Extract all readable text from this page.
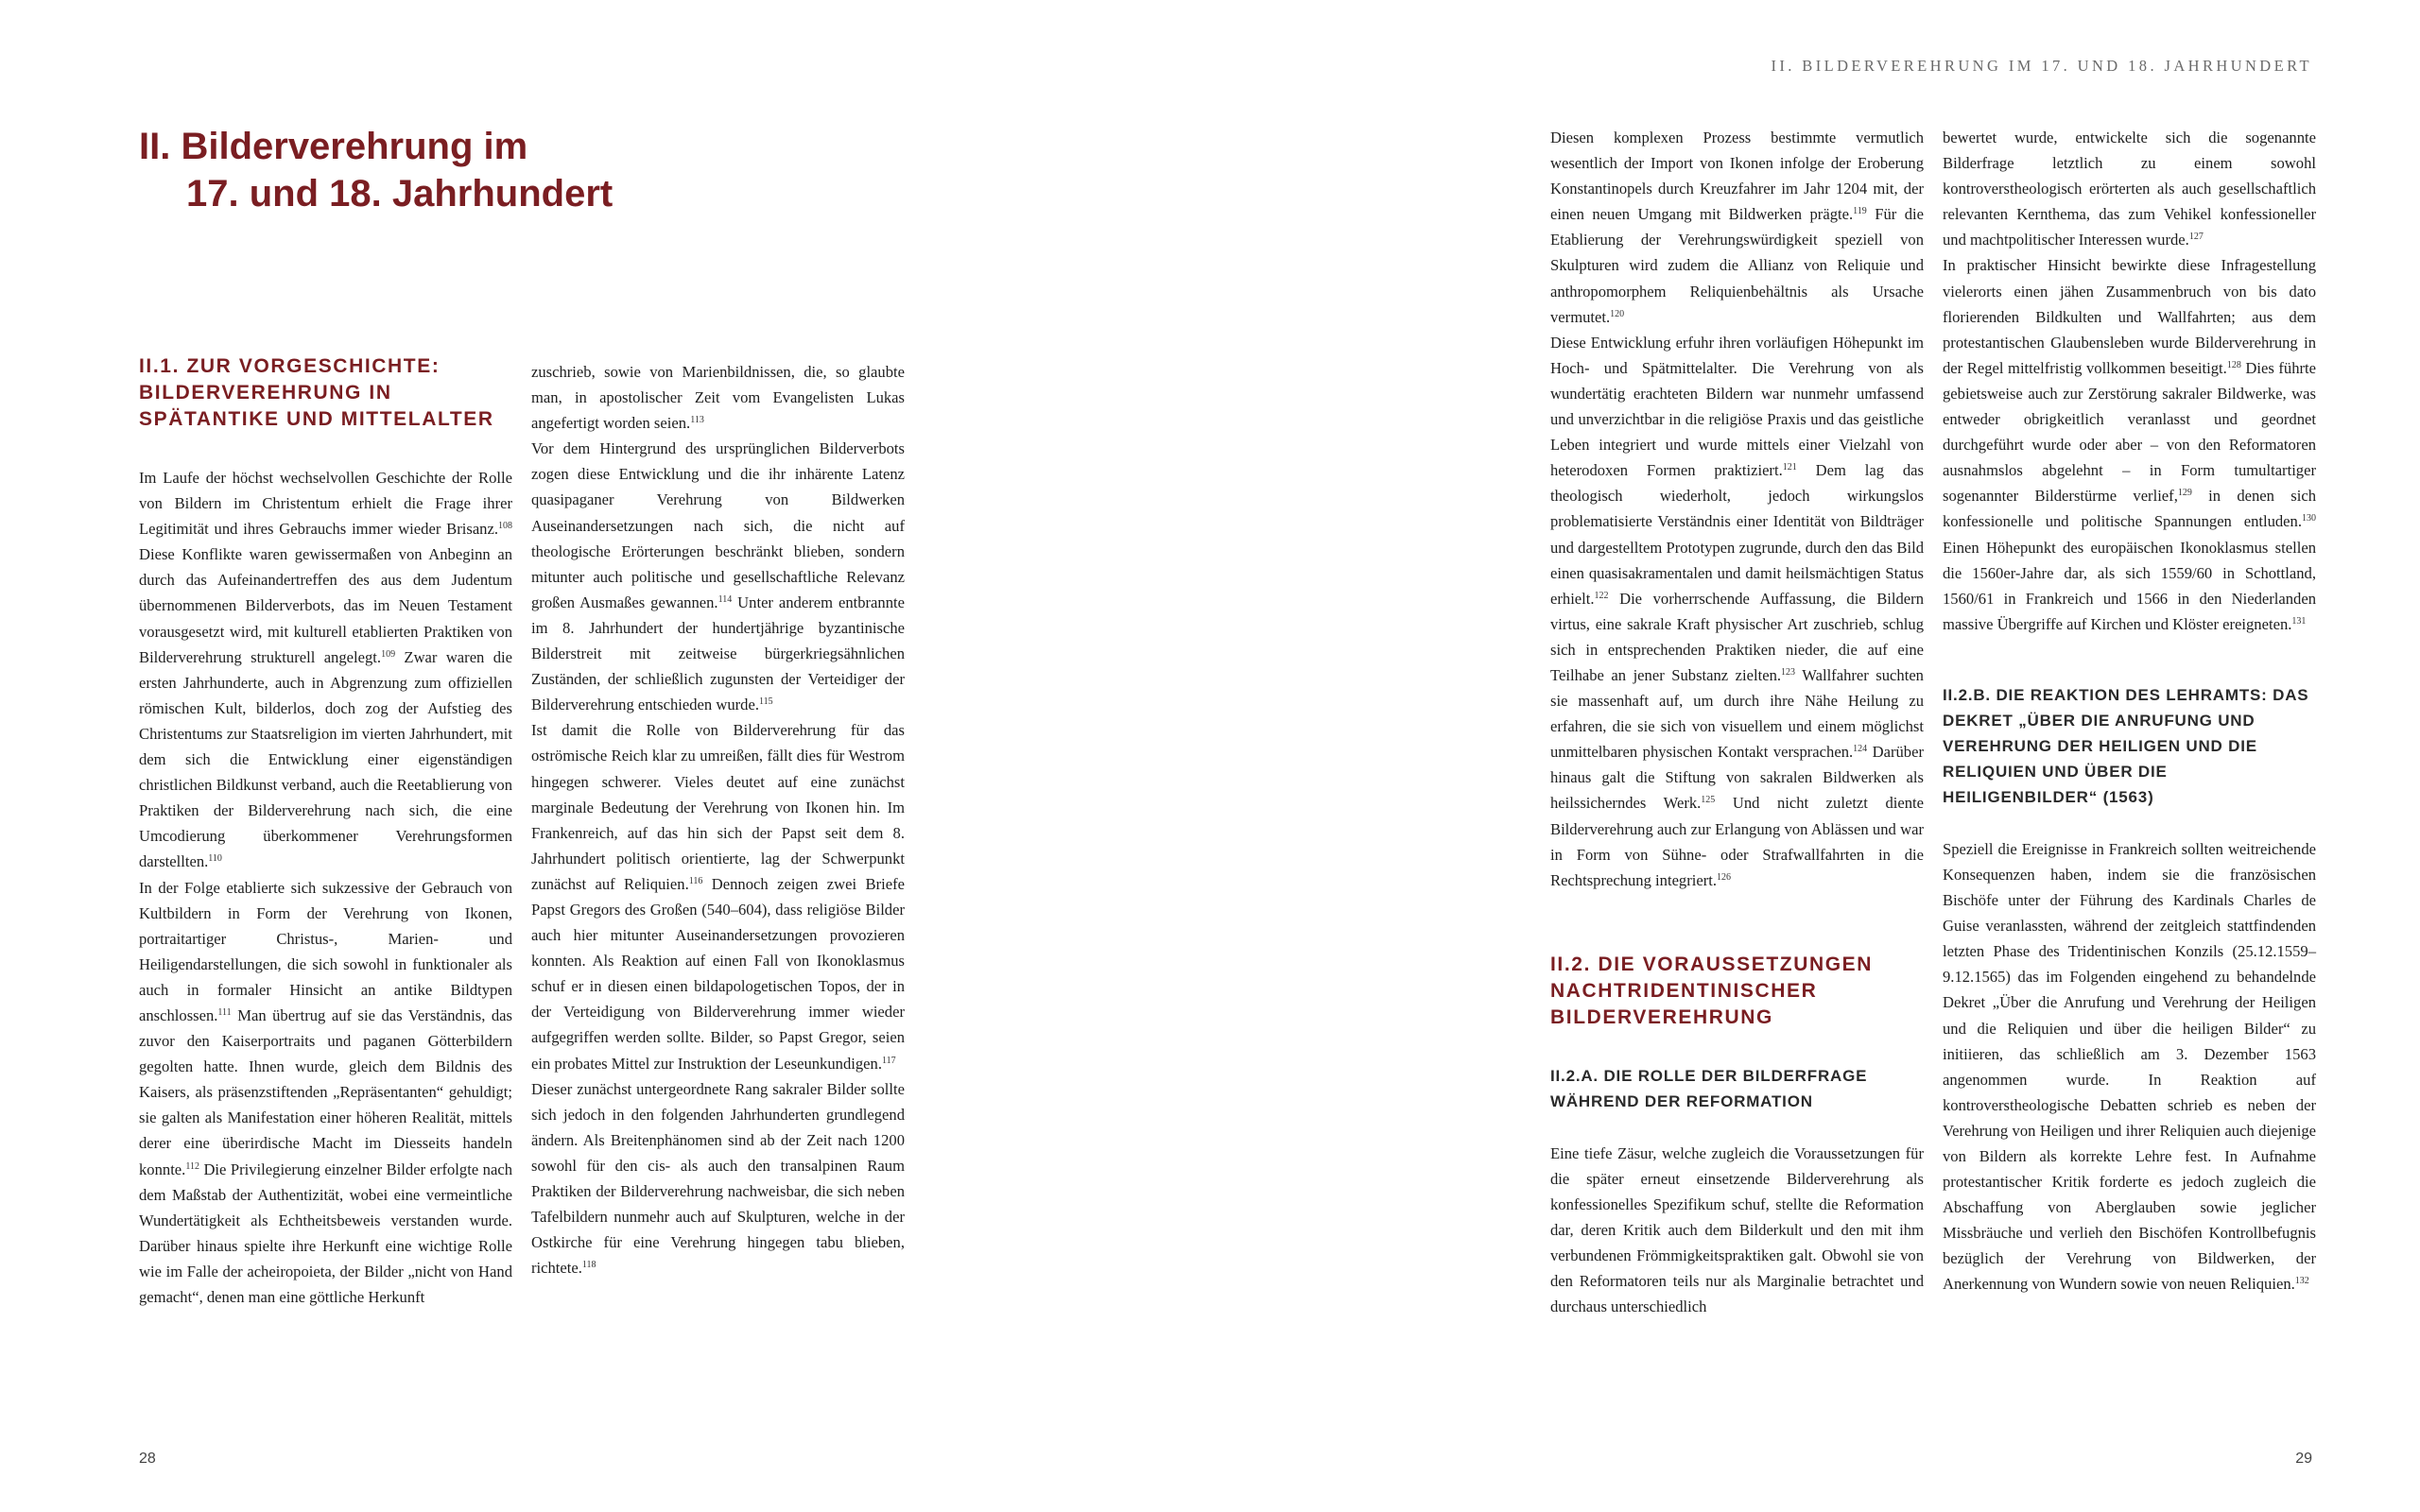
II. Bilderverehrung im
17. und 18. Jahrhundert
II.1. ZUR VORGESCHICHTE: BILDERVEREHRUNG IN SPÄTANTIKE UND MITTELALTER

Im Laufe der höchst wechselvollen Geschichte der Rolle von Bildern im Christentum erhielt die Frage ihrer Legitimität und ihres Gebrauchs immer wieder Brisanz.$^{108}$ Diese Konflikte waren gewissermaßen von Anbeginn an durch das Aufeinandertreffen des aus dem Judentum übernommenen Bilderverbots, das im Neuen Testament vorausgesetzt wird, mit kulturell etablierten Praktiken von Bilderverehrung strukturell angelegt.$^{109}$ Zwar waren die ersten Jahrhunderte, auch in Abgrenzung zum offiziellen römischen Kult, bilderlos, doch zog der Aufstieg des Christentums zur Staatsreligion im vierten Jahrhundert, mit dem sich die Entwicklung einer eigenständigen christlichen Bildkunst verband, auch die Reetablierung von Praktiken der Bilderverehrung nach sich, die eine Umcodierung überkommener Verehrungsformen darstellten.$^{110}$

In der Folge etablierte sich sukzessive der Gebrauch von Kultbildern in Form der Verehrung von Ikonen, portraitartiger Christus-, Marien- und Heiligendarstellungen, die sich sowohl in funktionaler als auch in formaler Hinsicht an antike Bildtypen anschlossen.$^{111}$ Man übertrug auf sie das Verständnis, das zuvor den Kaiserportraits und paganen Götterbildern gegolten hatte. Ihnen wurde, gleich dem Bildnis des Kaisers, als präsenzstiftenden „Repräsentanten“ gehuldigt; sie galten als Manifestation einer höheren Realität, mittels derer eine überirdische Macht im Diesseits handeln konnte.$^{112}$ Die Privilegierung einzelner Bilder erfolgte nach dem Maßstab der Authentizität, wobei eine vermeintliche Wundertätigkeit als Echtheitsbeweis verstanden wurde. Darüber hinaus spielte ihre Herkunft eine wichtige Rolle wie im Falle der acheiropoieta, der Bilder „nicht von Hand gemacht“, denen man eine göttliche Herkunft

zuschrieb, sowie von Marienbildnissen, die, so glaubte man, in apostolischer Zeit vom Evangelisten Lukas angefertigt worden seien.$^{113}$

Vor dem Hintergrund des ursprünglichen Bilderverbots zogen diese Entwicklung und die ihr inhärente Latenz quasipaganer Verehrung von Bildwerken Auseinandersetzungen nach sich, die nicht auf theologische Erörterungen beschränkt blieben, sondern mitunter auch politische und gesellschaftliche Relevanz großen Ausmaßes gewannen.$^{114}$ Unter anderem entbrannte im 8. Jahrhundert der hundertjährige byzantinische Bilderstreit mit zeitweise bürgerkriegsähnlichen Zuständen, der schließlich zugunsten der Verteidiger der Bilderverehrung entschieden wurde.$^{115}$

Ist damit die Rolle von Bilderverehrung für das oströmische Reich klar zu umreißen, fällt dies für Westrom hingegen schwerer. Vieles deutet auf eine zunächst marginale Bedeutung der Verehrung von Ikonen hin. Im Frankenreich, auf das hin sich der Papst seit dem 8. Jahrhundert politisch orientierte, lag der Schwerpunkt zunächst auf Reliquien.$^{116}$ Dennoch zeigen zwei Briefe Papst Gregors des Großen (540–604), dass religiöse Bilder auch hier mitunter Auseinandersetzungen provozieren konnten. Als Reaktion auf einen Fall von Ikonoklasmus schuf er in diesen einen bildapologetischen Topos, der in der Verteidigung von Bilderverehrung immer wieder aufgegriffen werden sollte. Bilder, so Papst Gregor, seien ein probates Mittel zur Instruktion der Leseunkundigen.$^{117}$

Dieser zunächst untergeordnete Rang sakraler Bilder sollte sich jedoch in den folgenden Jahrhunderten grundlegend ändern. Als Breitenphänomen sind ab der Zeit nach 1200 sowohl für den cis- als auch den transalpinen Raum Praktiken der Bilderverehrung nachweisbar, die sich neben Tafelbildern nunmehr auch auf Skulpturen, welche in der Ostkirche für eine Verehrung hingegen tabu blieben, richtete.$^{118}$

28
II. BILDERVEREHRUNG IM 17. UND 18. JAHRHUNDERT

Diesen komplexen Prozess bestimmte vermutlich wesentlich der Import von Ikonen infolge der Eroberung Konstantinopels durch Kreuzfahrer im Jahr 1204 mit, der einen neuen Umgang mit Bildwerken prägte.$^{119}$ Für die Etablierung der Verehrungswürdigkeit speziell von Skulpturen wird zudem die Allianz von Reliquie und anthropomorphem Reliquienbehältnis als Ursache vermutet.$^{120}$

Diese Entwicklung erfuhr ihren vorläufigen Höhepunkt im Hoch- und Spätmittelalter. Die Verehrung von als wundertätig erachteten Bildern war nunmehr umfassend und unverzichtbar in die religiöse Praxis und das geistliche Leben integriert und wurde mittels einer Vielzahl von heterodoxen Formen praktiziert.$^{121}$ Dem lag das theologisch wiederholt, jedoch wirkungslos problematisierte Verständnis einer Identität von Bildträger und dargestelltem Prototypen zugrunde, durch den das Bild einen quasisakramentalen und damit heilsmächtigen Status erhielt.$^{122}$ Die vorherrschende Auffassung, die Bildern virtus, eine sakrale Kraft physischer Art zuschrieb, schlug sich in entsprechenden Praktiken nieder, die auf eine Teilhabe an jener Substanz zielten.$^{123}$ Wallfahrer suchten sie massenhaft auf, um durch ihre Nähe Heilung zu erfahren, die sie sich von visuellem und einem möglichst unmittelbaren physischen Kontakt versprachen.$^{124}$ Darüber hinaus galt die Stiftung von sakralen Bildwerken als heilssicherndes Werk.$^{125}$ Und nicht zuletzt diente Bilderverehrung auch zur Erlangung von Ablässen und war in Form von Sühne- oder Strafwallfahrten in die Rechtsprechung integriert.$^{126}$

II.2. DIE VORAUSSETZUNGEN NACHTRIDENTINISCHER BILDERVEREHRUNG
II.2.A. DIE ROLLE DER BILDERFRAGE WÄHREND DER REFORMATION

Eine tiefe Zäsur, welche zugleich die Voraussetzungen für die später erneut einsetzende Bilderverehrung als konfessionelles Spezifikum schuf, stellte die Reformation dar, deren Kritik auch dem Bilderkult und den mit ihm verbundenen Frömmigkeitspraktiken galt. Obwohl sie von den Reformatoren teils nur als Marginalie betrachtet und durchaus unterschiedlich

bewertet wurde, entwickelte sich die sogenannte Bilderfrage letztlich zu einem sowohl kontroverstheologisch erörterten als auch gesellschaftlich relevanten Kernthema, das zum Vehikel konfessioneller und machtpolitischer Interessen wurde.$^{127}$

In praktischer Hinsicht bewirkte diese Infragestellung vielerorts einen jähen Zusammenbruch von bis dato florierenden Bildkulten und Wallfahrten; aus dem protestantischen Glaubensleben wurde Bilderverehrung in der Regel mittelfristig vollkommen beseitigt.$^{128}$ Dies führte gebietsweise auch zur Zerstörung sakraler Bildwerke, was entweder obrigkeitlich veranlasst und geordnet durchgeführt wurde oder aber – von den Reformatoren ausnahmslos abgelehnt – in Form tumultartiger sogenannter Bilderstürme verlief,$^{129}$ in denen sich konfessionelle und politische Spannungen entluden.$^{130}$ Einen Höhepunkt des europäischen Ikonoklasmus stellen die 1560er-Jahre dar, als sich 1559/60 in Schottland, 1560/61 in Frankreich und 1566 in den Niederlanden massive Übergriffe auf Kirchen und Klöster ereigneten.$^{131}$

II.2.B. DIE REAKTION DES LEHRAMTS: DAS DEKRET „ÜBER DIE ANRUFUNG UND VEREHRUNG DER HEILIGEN UND DIE RELIQUIEN UND ÜBER DIE HEILIGENBILDER“ (1563)

Speziell die Ereignisse in Frankreich sollten weitreichende Konsequenzen haben, indem sie die französischen Bischöfe unter der Führung des Kardinals Charles de Guise veranlassten, während der zeitgleich stattfindenden letzten Phase des Tridentinischen Konzils (25.12.1559–9.12.1565) das im Folgenden eingehend zu behandelnde Dekret „Über die Anrufung und Verehrung der Heiligen und die Reliquien und über die heiligen Bilder“ zu initiieren, das schließlich am 3. Dezember 1563 angenommen wurde. In Reaktion auf kontroverstheologische Debatten schrieb es neben der Verehrung von Heiligen und ihrer Reliquien auch diejenige von Bildern als korrekte Lehre fest. In Aufnahme protestantischer Kritik forderte es jedoch zugleich die Abschaffung von Aberglauben sowie jeglicher Missbräuche und verlieh den Bischöfen Kontrollbefugnis bezüglich der Verehrung von Bildwerken, der Anerkennung von Wundern sowie von neuen Reliquien.$^{132}$

29
